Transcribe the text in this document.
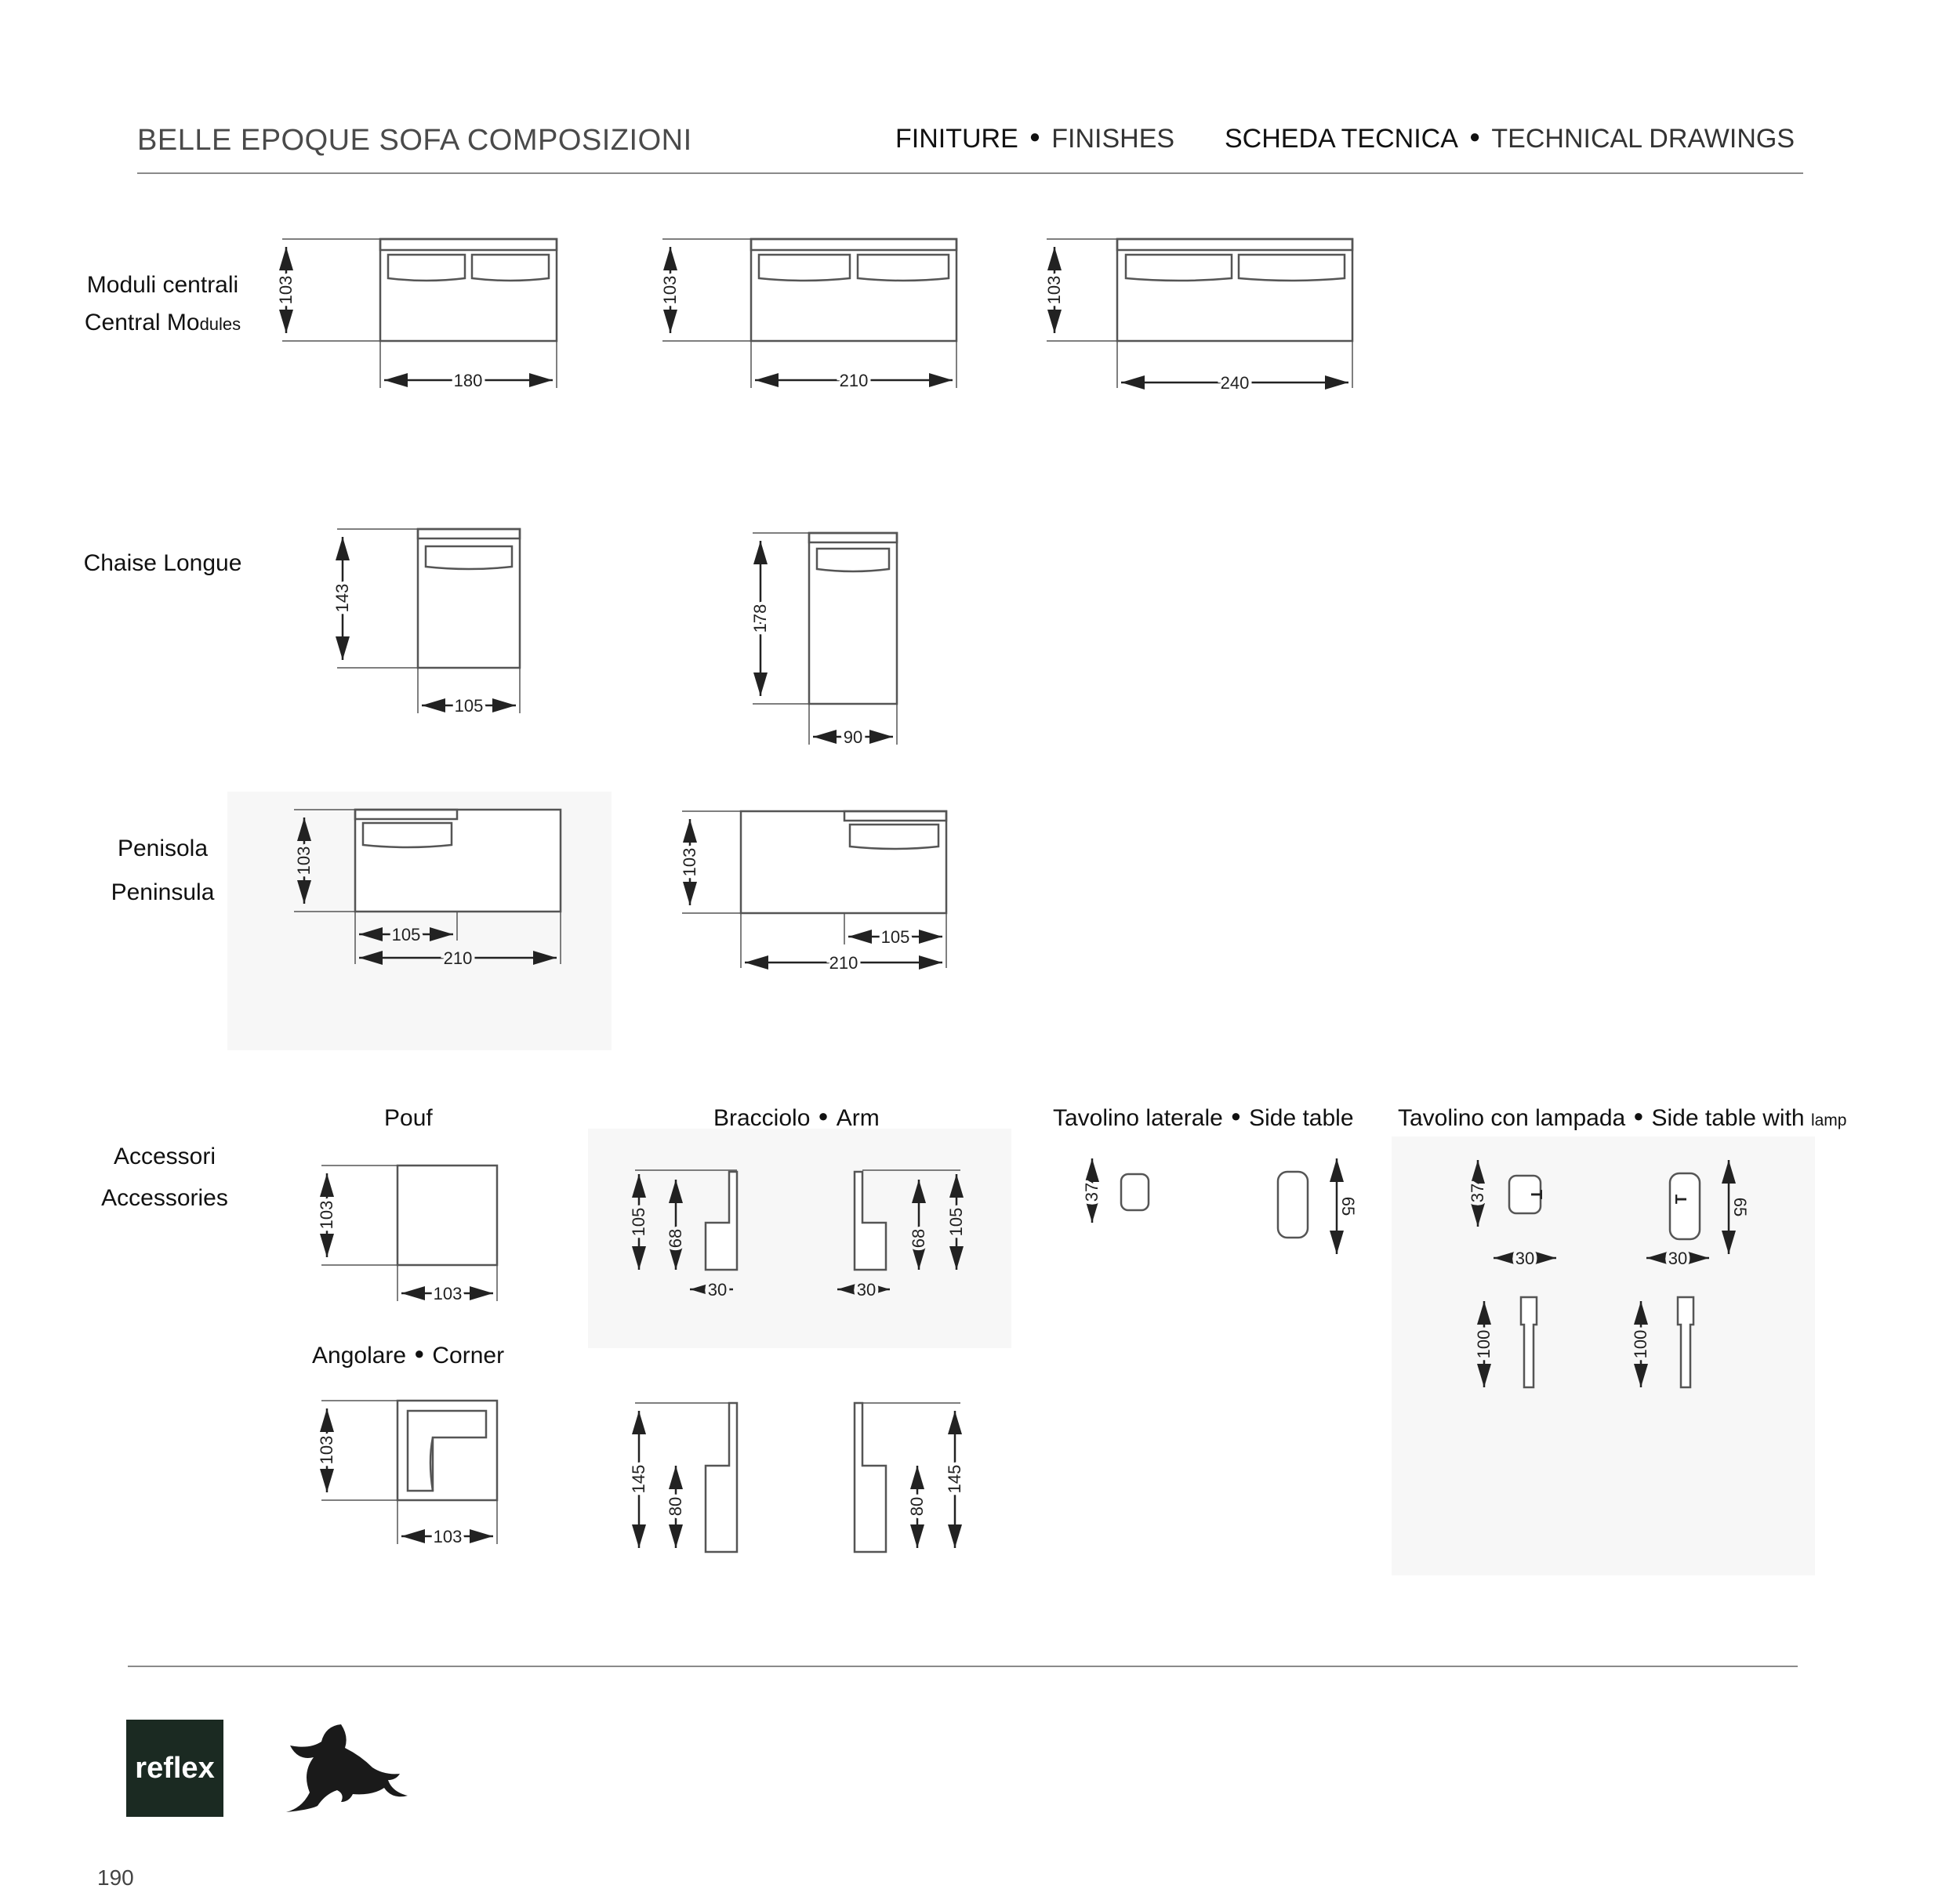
BELLE EPOQUE SOFA COMPOSIZIONI	FINITURE ● FINISHES SCHEDA TECNICA ● TECHNICAL DRAWINGS
Moduli centrali
Central Modules
Chaise Longue
Penisola
Peninsula
Accessori
Accessories
Pouf	Bracciolo ● Arm
Angolare ● Corner
Tavolino laterale ● Side table Tavolino con lampada ● Side table with lamp
103
180
103
210
103
240
143
105
178
90
103
105
210
103
105
210
103
103
103
103
105
68
30
105
68
30
145
80
145
80
37
65
37
30
65
30
T	T
100	100
reflex
190
